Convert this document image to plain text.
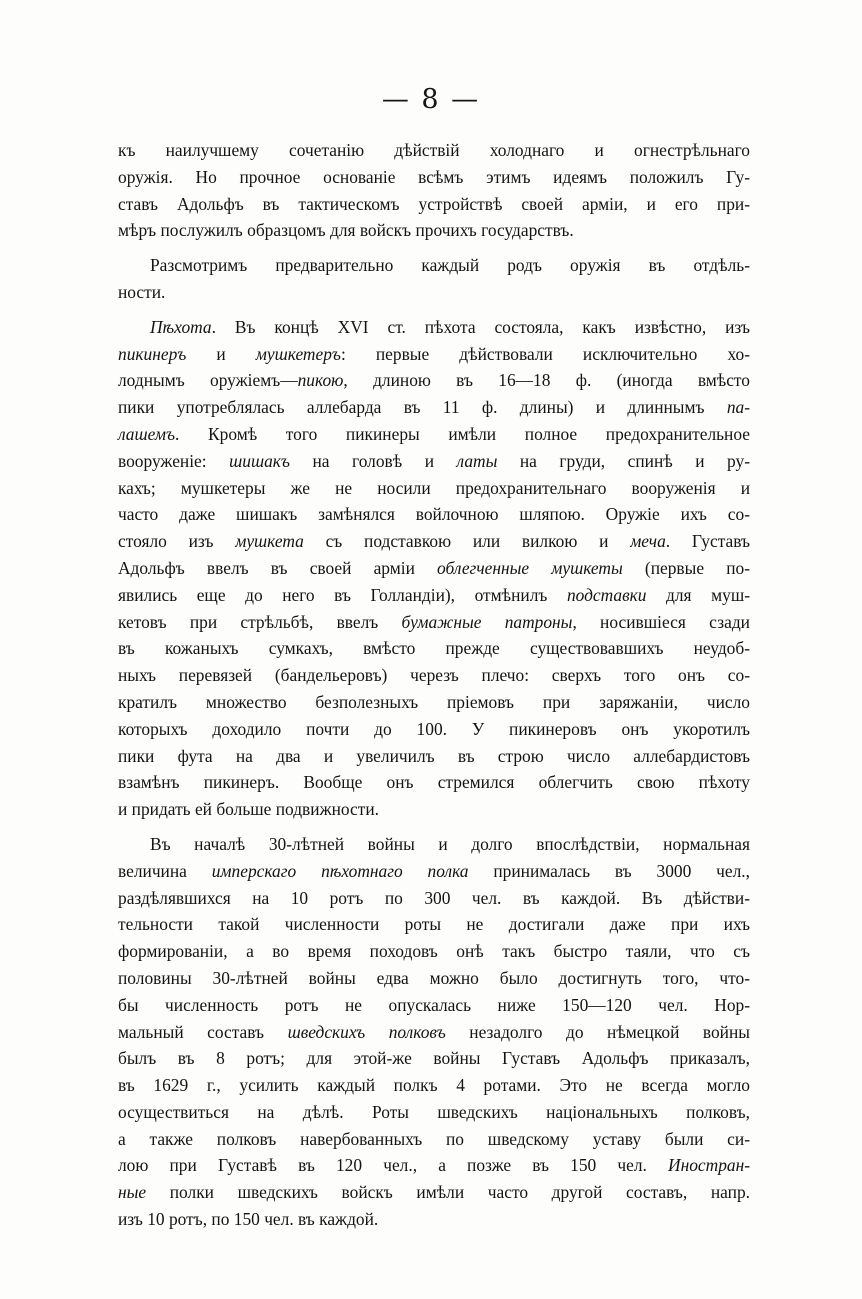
— 8 —

къ наилучшему сочетанію дѣйствій холоднаго и огнестрѣльнаго
оружія. Но прочное основаніе всѣмъ этимъ идеямъ положилъ Гу-
ставъ Адольфъ въ тактическомъ устройствѣ своей арміи, и его при-
мѣръ послужилъ образцомъ для войскъ прочихъ государствъ.

Разсмотримъ предварительно каждый родъ оружія въ отдѣль-
ности.

Пѣхота. Въ концѣ XVI ст. пѣхота состояла, какъ извѣстно, изъ
пикинеръ и мушкетеръ: первые дѣйствовали исключительно хо-
лоднымъ оружіемъ—пикою, длиною въ 16—18 ф. (иногда вмѣсто
пики употреблялась аллебарда въ 11 ф. длины) и длиннымъ па-
лашемъ. Кромѣ того пикинеры имѣли полное предохранительное
вооруженіе: шишакъ на головѣ и латы на груди, спинѣ и ру-
кахъ; мушкетеры же не носили предохранительнаго вооруженія и
часто даже шишакъ замѣнялся войлочною шляпою. Оружіе ихъ со-
стояло изъ мушкета съ подставкою или вилкою и меча. Густавъ
Адольфъ ввелъ въ своей арміи облегченные мушкеты (первые по-
явились еще до него въ Голландіи), отмѣнилъ подставки для муш-
кетовъ при стрѣльбѣ, ввелъ бумажные патроны, носившіеся сзади
въ кожаныхъ сумкахъ, вмѣсто прежде существовавшихъ неудоб-
ныхъ перевязей (бандельеровъ) черезъ плечо: сверхъ того онъ со-
кратилъ множество безполезныхъ пріемовъ при заряжаніи, число
которыхъ доходило почти до 100. У пикинеровъ онъ укоротилъ
пики фута на два и увеличилъ въ строю число аллебардистовъ
взамѣнъ пикинеръ. Вообще онъ стремился облегчить свою пѣхоту
и придать ей больше подвижности.

Въ началѣ 30-лѣтней войны и долго впослѣдствіи, нормальная
величина имперскаго пѣхотнаго полка принималась въ 3000 чел.,
раздѣлявшихся на 10 ротъ по 300 чел. въ каждой. Въ дѣйстви-
тельности такой численности роты не достигали даже при ихъ
формированіи, а во время походовъ онѣ такъ быстро таяли, что съ
половины 30-лѣтней войны едва можно было достигнуть того, что-
бы численность ротъ не опускалась ниже 150—120 чел. Нор-
мальный составъ шведскихъ полковъ незадолго до нѣмецкой войны
былъ въ 8 ротъ; для этой-же войны Густавъ Адольфъ приказалъ,
въ 1629 г., усилить каждый полкъ 4 ротами. Это не всегда могло
осуществиться на дѣлѣ. Роты шведскихъ національныхъ полковъ,
а также полковъ навербованныхъ по шведскому уставу были си-
лою при Густавѣ въ 120 чел., а позже въ 150 чел. Иностран-
ные полки шведскихъ войскъ имѣли часто другой составъ, напр.
изъ 10 ротъ, по 150 чел. въ каждой.
